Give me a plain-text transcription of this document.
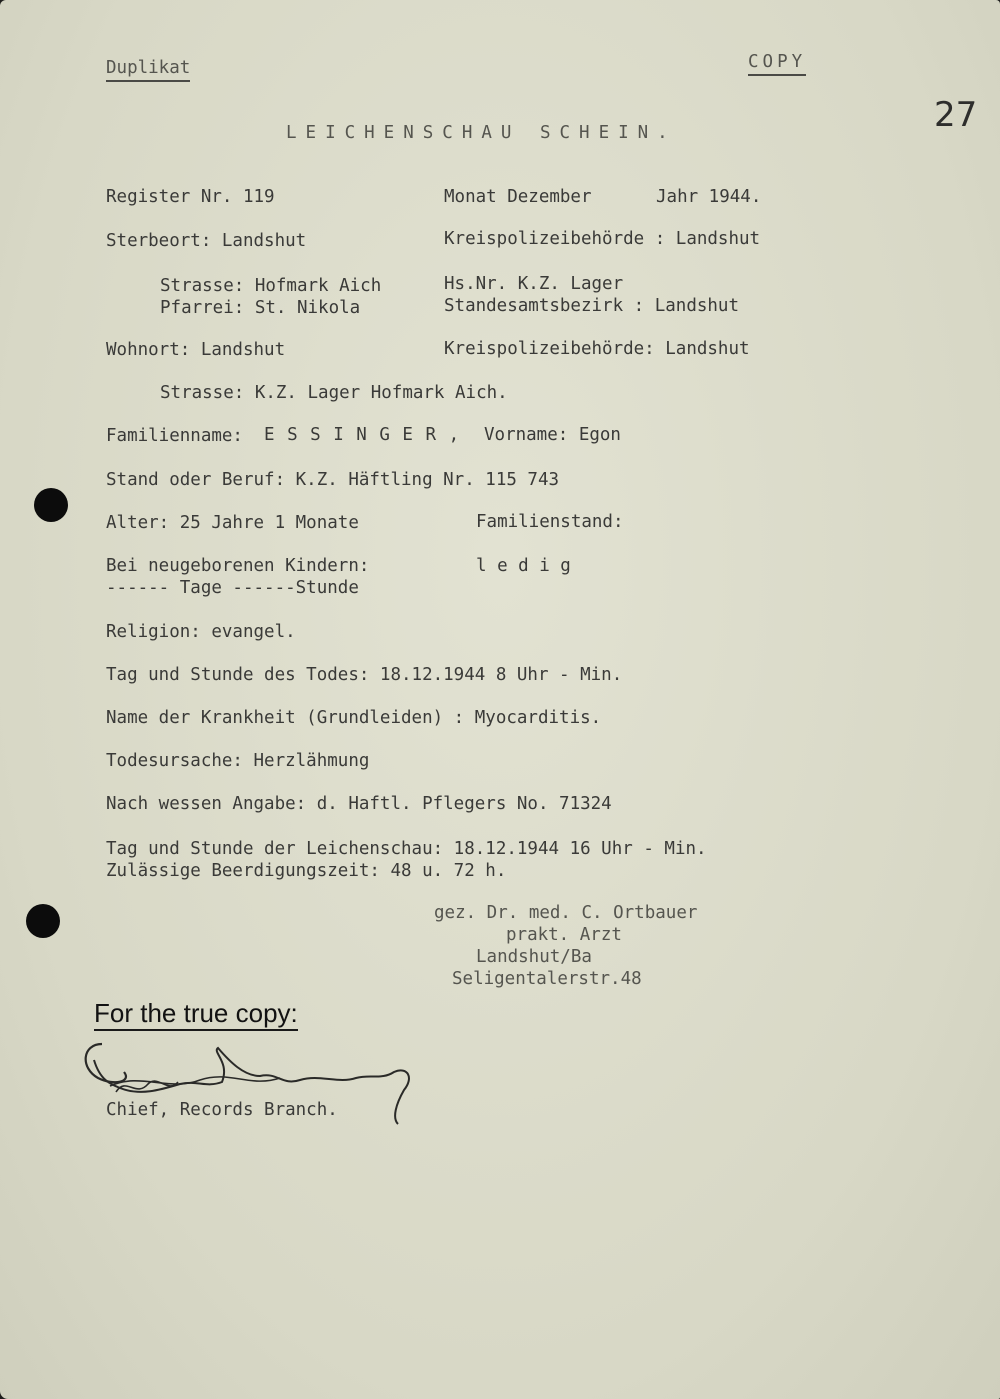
Duplikat	COPY
27
LEICHENSCHAU SCHEIN.
Register Nr. 119	Monat Dezember	Jahr 1944.
Sterbeort: Landshut	Kreispolizeibehörde : Landshut
Strasse: Hofmark Aich	Hs.Nr. K.Z. Lager
Pfarrei: St. Nikola	Standesamtsbezirk : Landshut
Wohnort: Landshut	Kreispolizeibehörde: Landshut
Strasse: K.Z. Lager Hofmark Aich.
Familienname: E S S I N G E R , Vorname: Egon
Stand oder Beruf: K.Z. Häftling Nr. 115 743
Alter: 25 Jahre 1 Monate	Familienstand:
Bei neugeborenen Kindern:	l e d i g
------ Tage ------Stunde
Religion: evangel.
Tag und Stunde des Todes: 18.12.1944 8 Uhr - Min.
Name der Krankheit (Grundleiden) : Myocarditis.
Todesursache: Herzlähmung
Nach wessen Angabe: d. Haftl. Pflegers No. 71324
Tag und Stunde der Leichenschau: 18.12.1944 16 Uhr - Min.
Zulässige Beerdigungszeit: 48 u. 72 h.
gez. Dr. med. C. Ortbauer
prakt. Arzt
Landshut/Ba
Seligentalerstr.48
For the true copy:
Chief, Records Branch.
